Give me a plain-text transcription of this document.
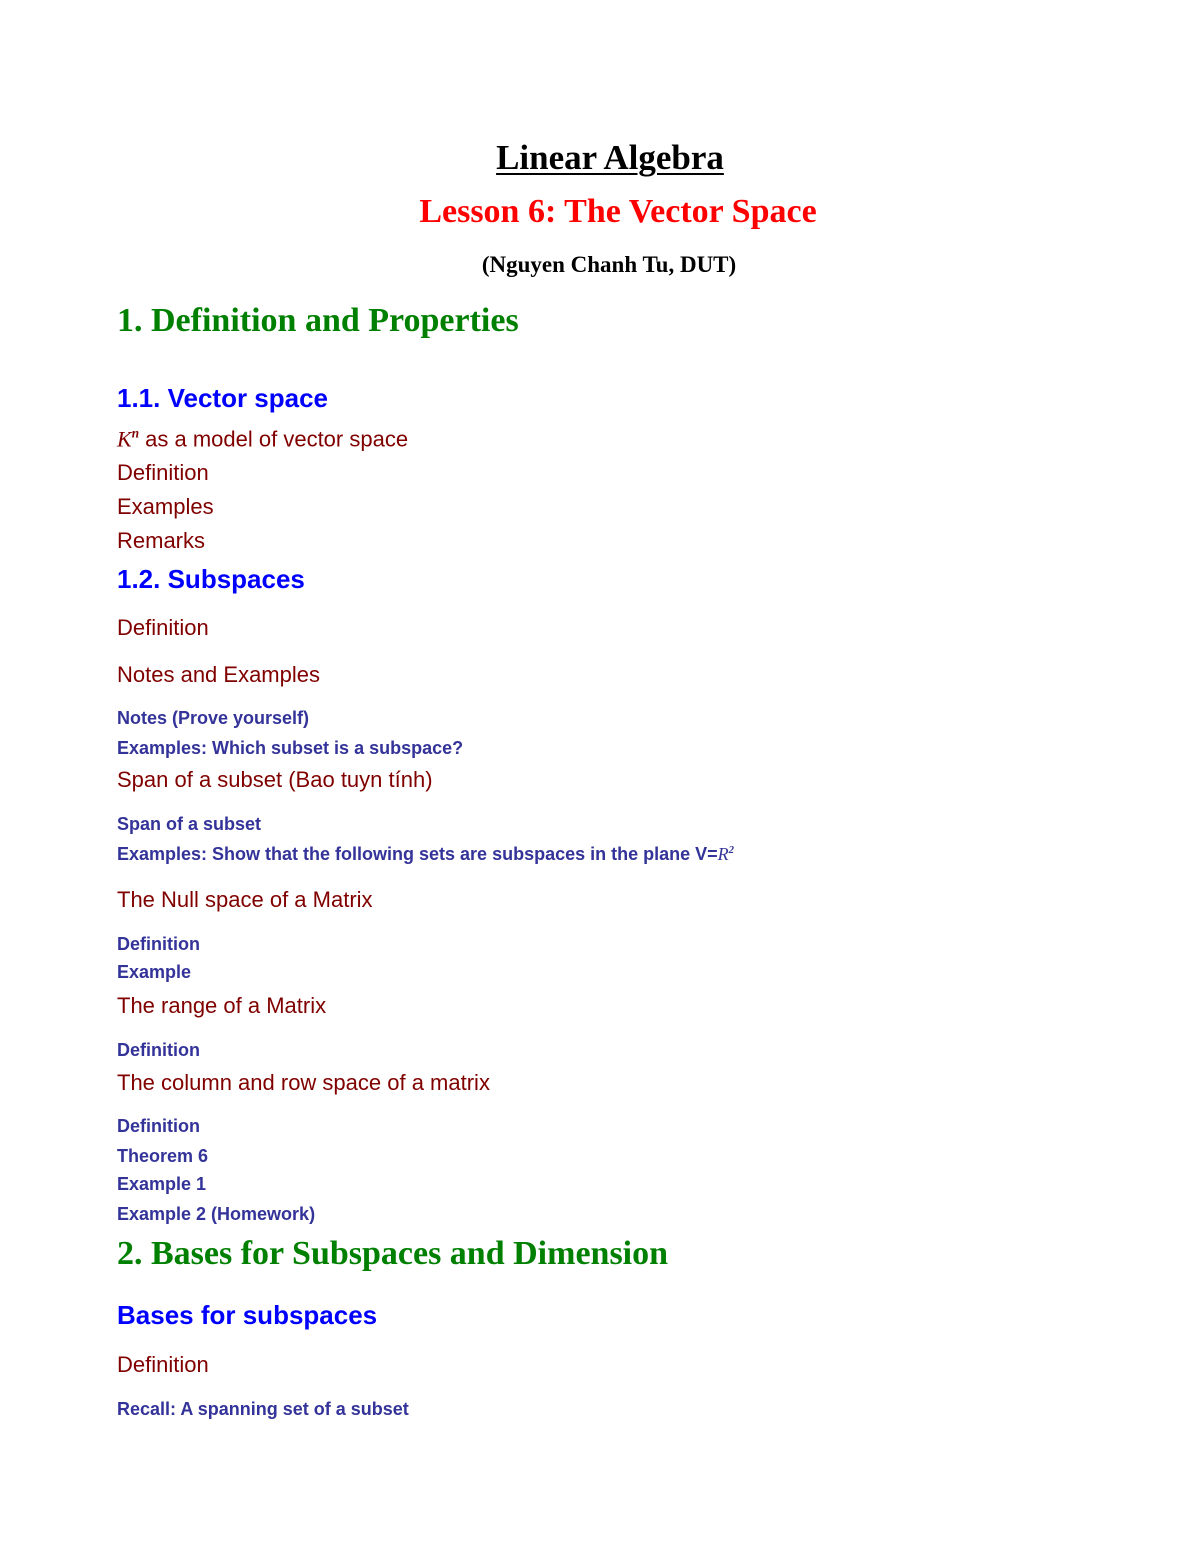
Linear Algebra
Lesson 6: The Vector Space

(Nguyen Chanh Tu, DUT)

1. Definition and Properties
1.1. Vector space

$K^n$ as a model of vector space

Definition

Examples

Remarks

1.2. Subspaces

Definition

Notes and Examples

Notes (Prove yourself)

Examples: Which subset is a subspace?

Span of a subset (Bao tuyn tính)

Span of a subset

Examples: Show that the following sets are subspaces in the plane $V=R^2$

The Null space of a Matrix

Definition

Example

The range of a Matrix

Definition

The column and row space of a matrix

Definition

Theorem 6

Example 1

Example 2 (Homework)

2. Bases for Subspaces and Dimension
Bases for subspaces

Definition

Recall: A spanning set of a subset
